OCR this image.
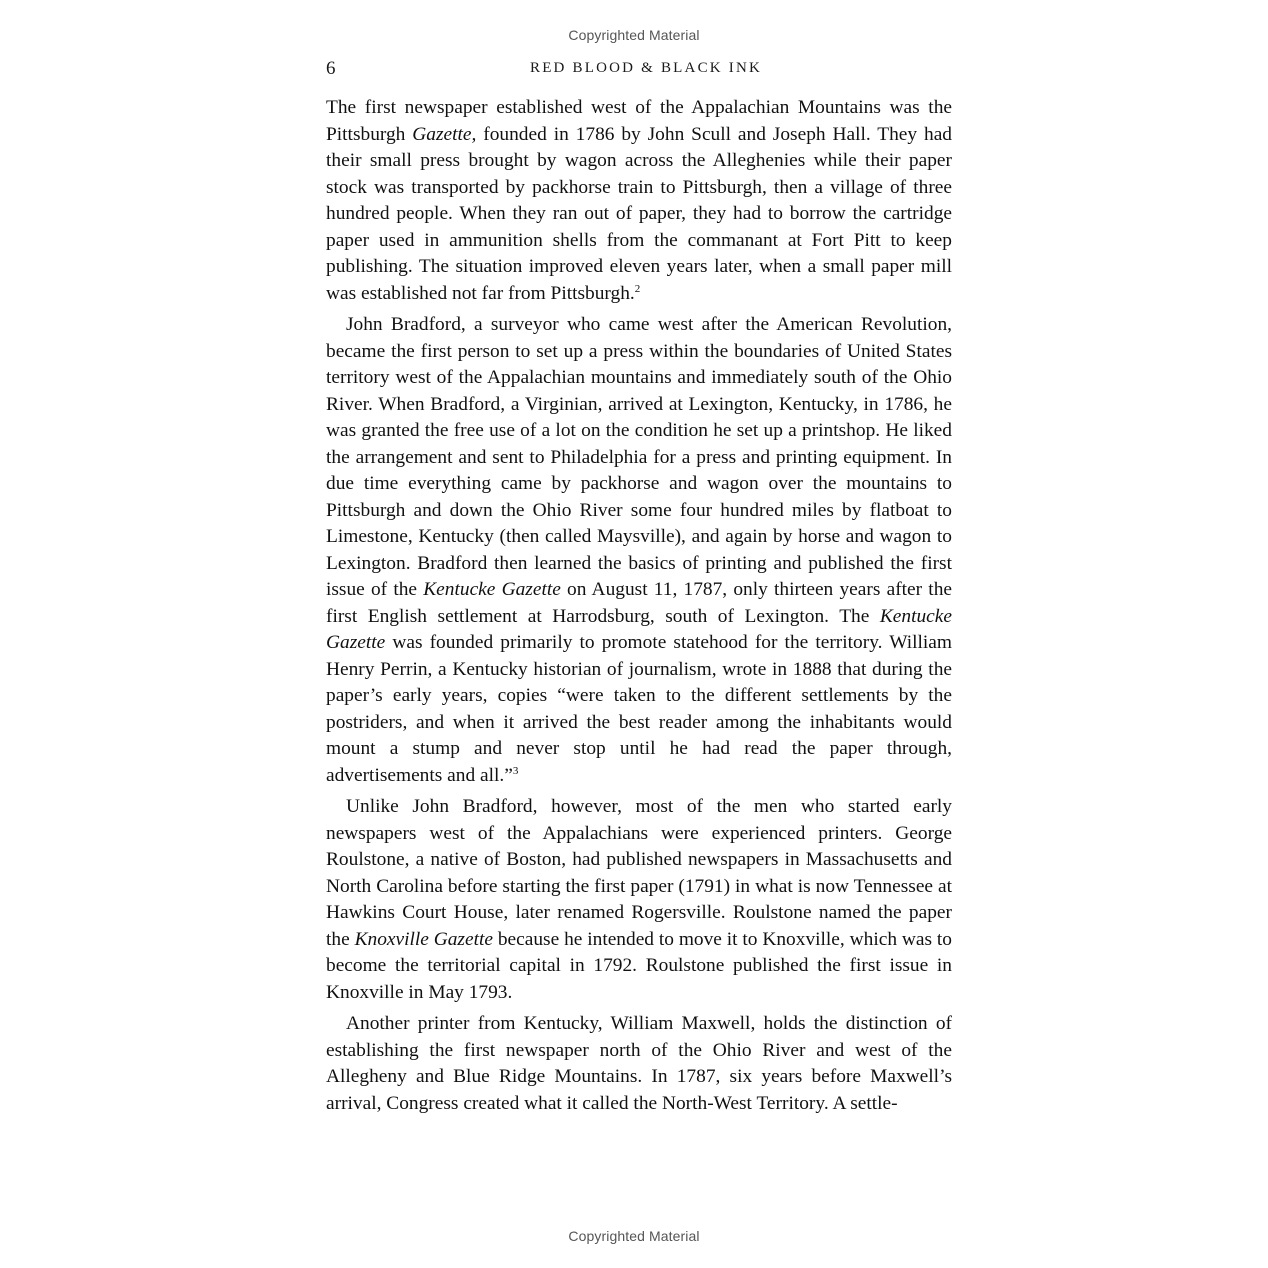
Copyrighted Material
6	RED BLOOD & BLACK INK

The first newspaper established west of the Appalachian Mountains was the Pittsburgh Gazette, founded in 1786 by John Scull and Joseph Hall. They had their small press brought by wagon across the Alleghenies while their paper stock was transported by packhorse train to Pittsburgh, then a village of three hundred people. When they ran out of paper, they had to borrow the cartridge paper used in ammunition shells from the commanant at Fort Pitt to keep publishing. The situation improved eleven years later, when a small paper mill was established not far from Pittsburgh.$^2$

John Bradford, a surveyor who came west after the American Revolution, became the first person to set up a press within the boundaries of United States territory west of the Appalachian mountains and immediately south of the Ohio River. When Bradford, a Virginian, arrived at Lexington, Kentucky, in 1786, he was granted the free use of a lot on the condition he set up a printshop. He liked the arrangement and sent to Philadelphia for a press and printing equipment. In due time everything came by packhorse and wagon over the mountains to Pittsburgh and down the Ohio River some four hundred miles by flatboat to Limestone, Kentucky (then called Maysville), and again by horse and wagon to Lexington. Bradford then learned the basics of printing and published the first issue of the Kentucke Gazette on August 11, 1787, only thirteen years after the first English settlement at Harrodsburg, south of Lexington. The Kentucke Gazette was founded primarily to promote statehood for the territory. William Henry Perrin, a Kentucky historian of journalism, wrote in 1888 that during the paper’s early years, copies “were taken to the different settlements by the postriders, and when it arrived the best reader among the inhabitants would mount a stump and never stop until he had read the paper through, advertisements and all.”$^3$

Unlike John Bradford, however, most of the men who started early newspapers west of the Appalachians were experienced printers. George Roulstone, a native of Boston, had published newspapers in Massachusetts and North Carolina before starting the first paper (1791) in what is now Tennessee at Hawkins Court House, later renamed Rogersville. Roulstone named the paper the Knoxville Gazette because he intended to move it to Knoxville, which was to become the territorial capital in 1792. Roulstone published the first issue in Knoxville in May 1793.

Another printer from Kentucky, William Maxwell, holds the distinction of establishing the first newspaper north of the Ohio River and west of the Allegheny and Blue Ridge Mountains. In 1787, six years before Maxwell’s arrival, Congress created what it called the North-West Territory. A settle-

Copyrighted Material
